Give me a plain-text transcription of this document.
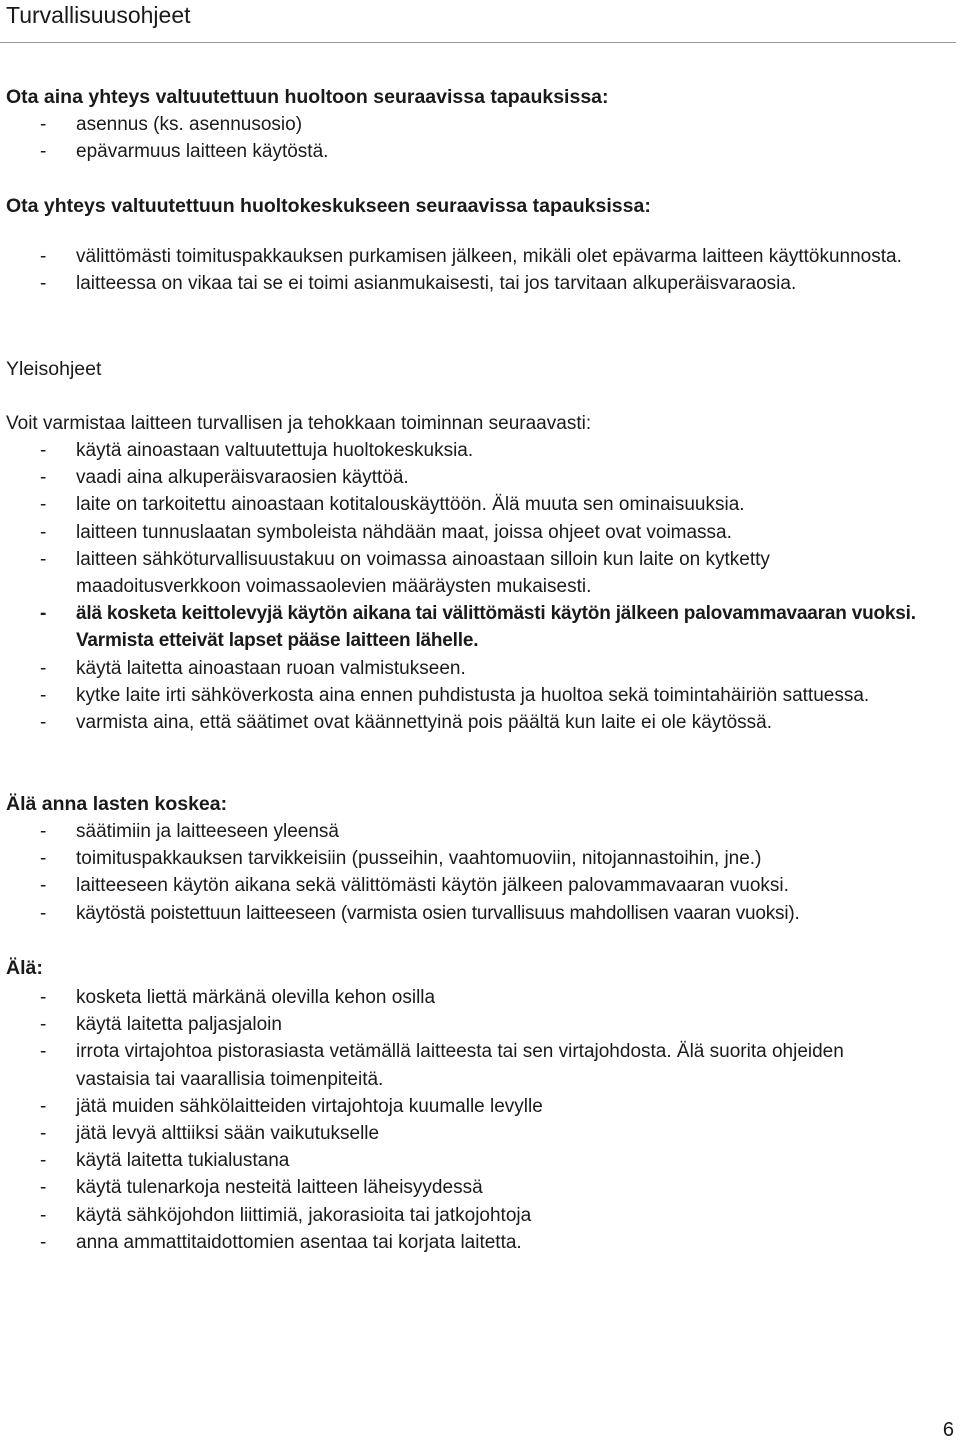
Turvallisuusohjeet
Ota aina yhteys valtuutettuun huoltoon seuraavissa tapauksissa:
- asennus (ks. asennusosio)
- epävarmuus laitteen käytöstä.
Ota yhteys valtuutettuun huoltokeskukseen seuraavissa tapauksissa:
- välittömästi toimituspakkauksen purkamisen jälkeen, mikäli olet epävarma laitteen käyttökunnosta.
- laitteessa on vikaa tai se ei toimi asianmukaisesti, tai jos tarvitaan alkuperäisvaraosia.
Yleisohjeet
Voit varmistaa laitteen turvallisen ja tehokkaan toiminnan seuraavasti:
- käytä ainoastaan valtuutettuja huoltokeskuksia.
- vaadi aina alkuperäisvaraosien käyttöä.
- laite on tarkoitettu ainoastaan kotitalouskäyttöön. Älä muuta sen ominaisuuksia.
- laitteen tunnuslaatan symboleista nähdään maat, joissa ohjeet ovat voimassa.
- laitteen sähköturvallisuustakuu on voimassa ainoastaan silloin kun laite on kytketty maadoitusverkkoon voimassaolevien määräysten mukaisesti.
- älä kosketa keittolevyjä käytön aikana tai välittömästi käytön jälkeen palovammavaaran vuoksi. Varmista etteivät lapset pääse laitteen lähelle.
- käytä laitetta ainoastaan ruoan valmistukseen.
- kytke laite irti sähköverkosta aina ennen puhdistusta ja huoltoa sekä toimintahäiriön sattuessa.
- varmista aina, että säätimet ovat käännettyinä pois päältä kun laite ei ole käytössä.
Älä anna lasten koskea:
- säätimiin ja laitteeseen yleensä
- toimituspakkauksen tarvikkeisiin (pusseihin, vaahtomuoviin, nitojannastoihin, jne.)
- laitteeseen käytön aikana sekä välittömästi käytön jälkeen palovammavaaran vuoksi.
- käytöstä poistettuun laitteeseen (varmista osien turvallisuus mahdollisen vaaran vuoksi).
Älä:
- kosketa liettä märkänä olevilla kehon osilla
- käytä laitetta paljasjaloin
- irrota virtajohtoa pistorasiasta vetämällä laitteesta tai sen virtajohdosta. Älä suorita ohjeiden vastaisia tai vaarallisia toimenpiteitä.
- jätä muiden sähkölaitteiden virtajohtoja kuumalle levylle
- jätä levyä alttiiksi sään vaikutukselle
- käytä laitetta tukialustana
- käytä tulenarkoja nesteitä laitteen läheisyydessä
- käytä sähköjohdon liittimiä, jakorasioita tai jatkojohtoja
- anna ammattitaidottomien asentaa tai korjata laitetta.
6
